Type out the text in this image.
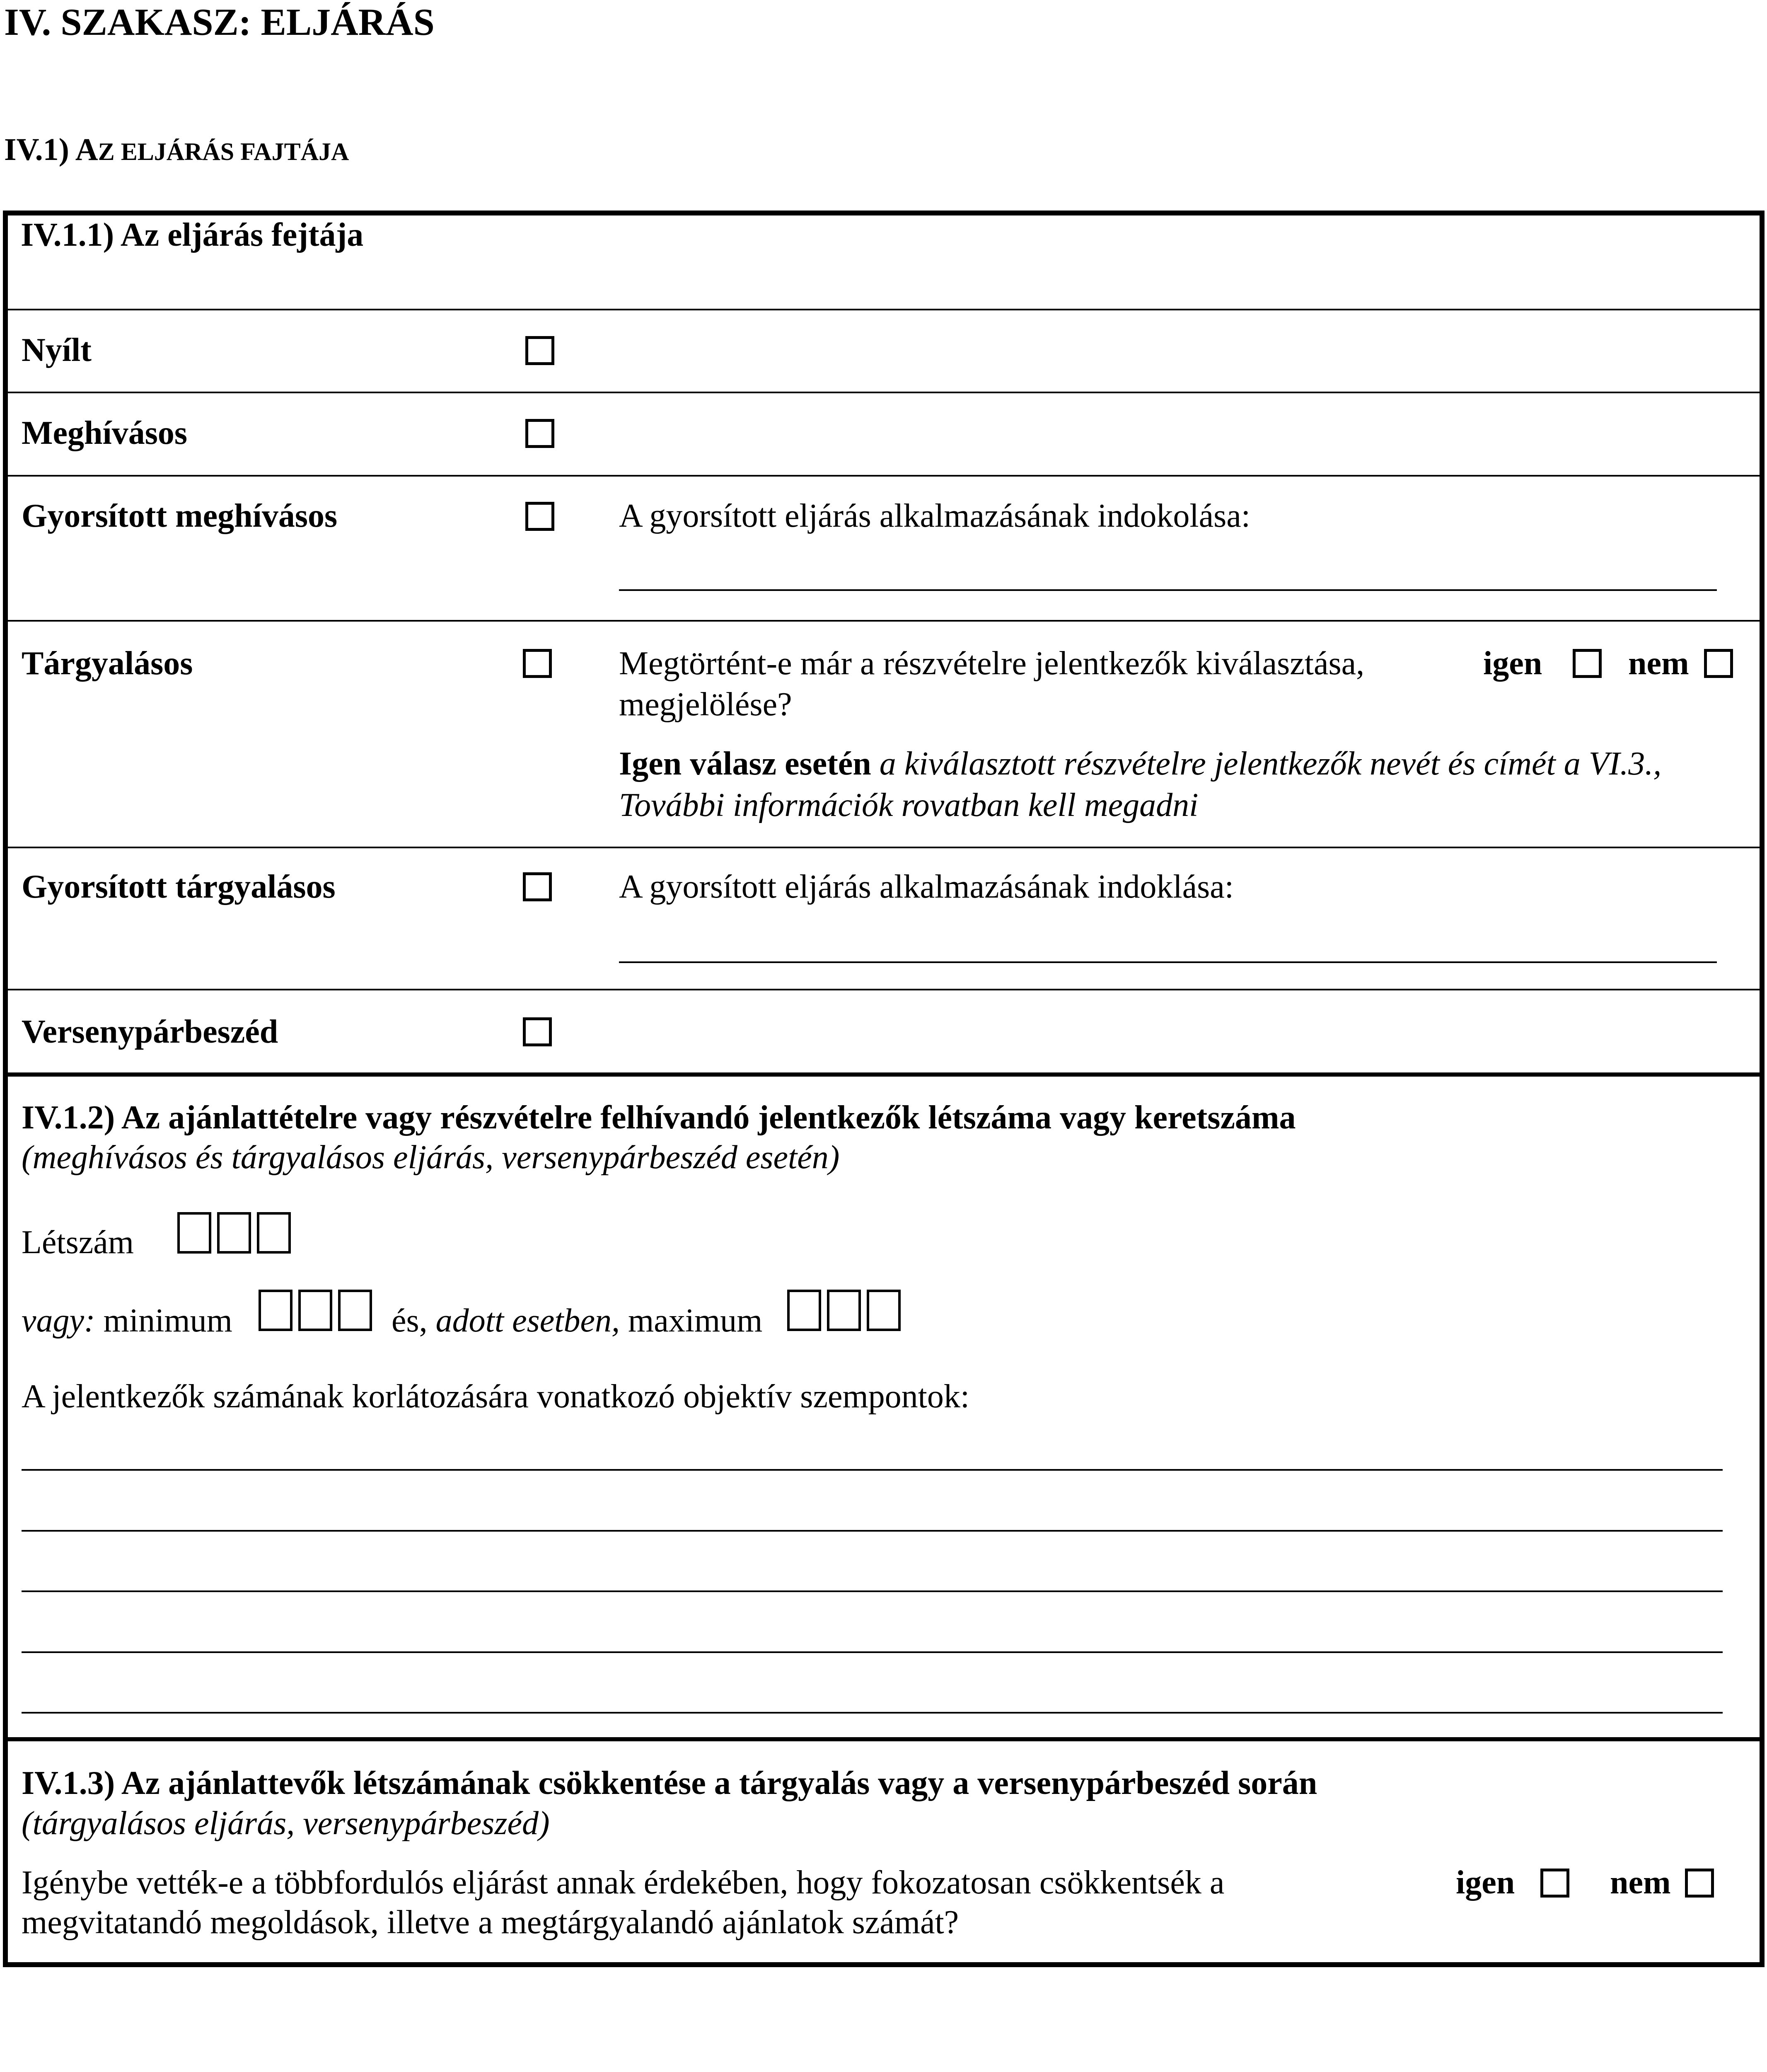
IV. SZAKASZ: ELJÁRÁS
IV.1) AZ ELJÁRÁS FAJTÁJA
IV.1.1) Az eljárás fejtája
Nyílt
Meghívásos
Gyorsított meghívásos	A gyorsított eljárás alkalmazásának indokolása:
Tárgyalásos	Megtörtént-e már a részvételre jelentkezők kiválasztása,
megjelölése?
igen	nem
Igen válasz esetén a kiválasztott részvételre jelentkezők nevét és címét a VI.3.,
További információk rovatban kell megadni
Gyorsított tárgyalásos	A gyorsított eljárás alkalmazásának indoklása:
Versenypárbeszéd
IV.1.2) Az ajánlattételre vagy részvételre felhívandó jelentkezők létszáma vagy keretszáma
(meghívásos és tárgyalásos eljárás, versenypárbeszéd esetén)
Létszám
vagy: minimum	és, adott esetben, maximum
A jelentkezők számának korlátozására vonatkozó objektív szempontok:
IV.1.3) Az ajánlattevők létszámának csökkentése a tárgyalás vagy a versenypárbeszéd során
(tárgyalásos eljárás, versenypárbeszéd)
Igénybe vették-e a többfordulós eljárást annak érdekében, hogy fokozatosan csökkentsék a
megvitatandó megoldások, illetve a megtárgyalandó ajánlatok számát?
igen	nem
